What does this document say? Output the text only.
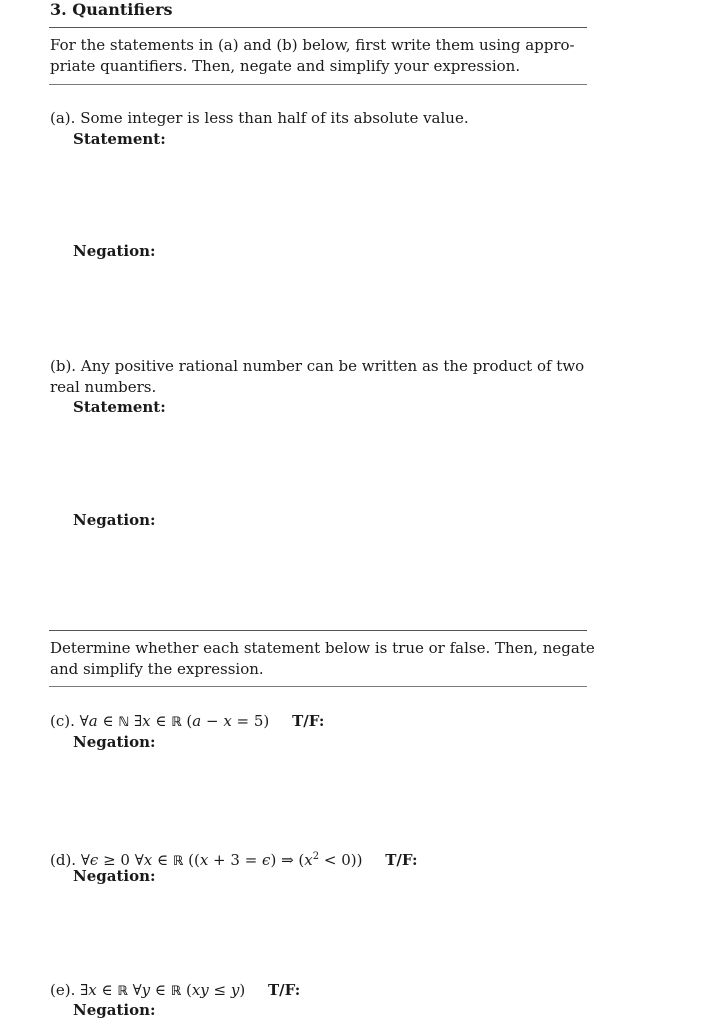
3. Quantifiers
For the statements in (a) and (b) below, first write them using appro-
priate quantifiers. Then, negate and simplify your expression.
(a). Some integer is less than half of its absolute value.
Statement:
Negation:
(b). Any positive rational number can be written as the product of two
real numbers.
Statement:
Negation:
Determine whether each statement below is true or false. Then, negate
and simplify the expression.
(c). ∀a ∈ ℕ ∃x ∈ ℝ (a − x = 5) T/F:
Negation:
(d). ∀ϵ ≥ 0 ∀x ∈ ℝ ((x + 3 = ϵ) ⇒ $(x^2 < 0)$) T/F:
Negation:
(e). ∃x ∈ ℝ ∀y ∈ ℝ (xy ≤ y) T/F:
Negation:
